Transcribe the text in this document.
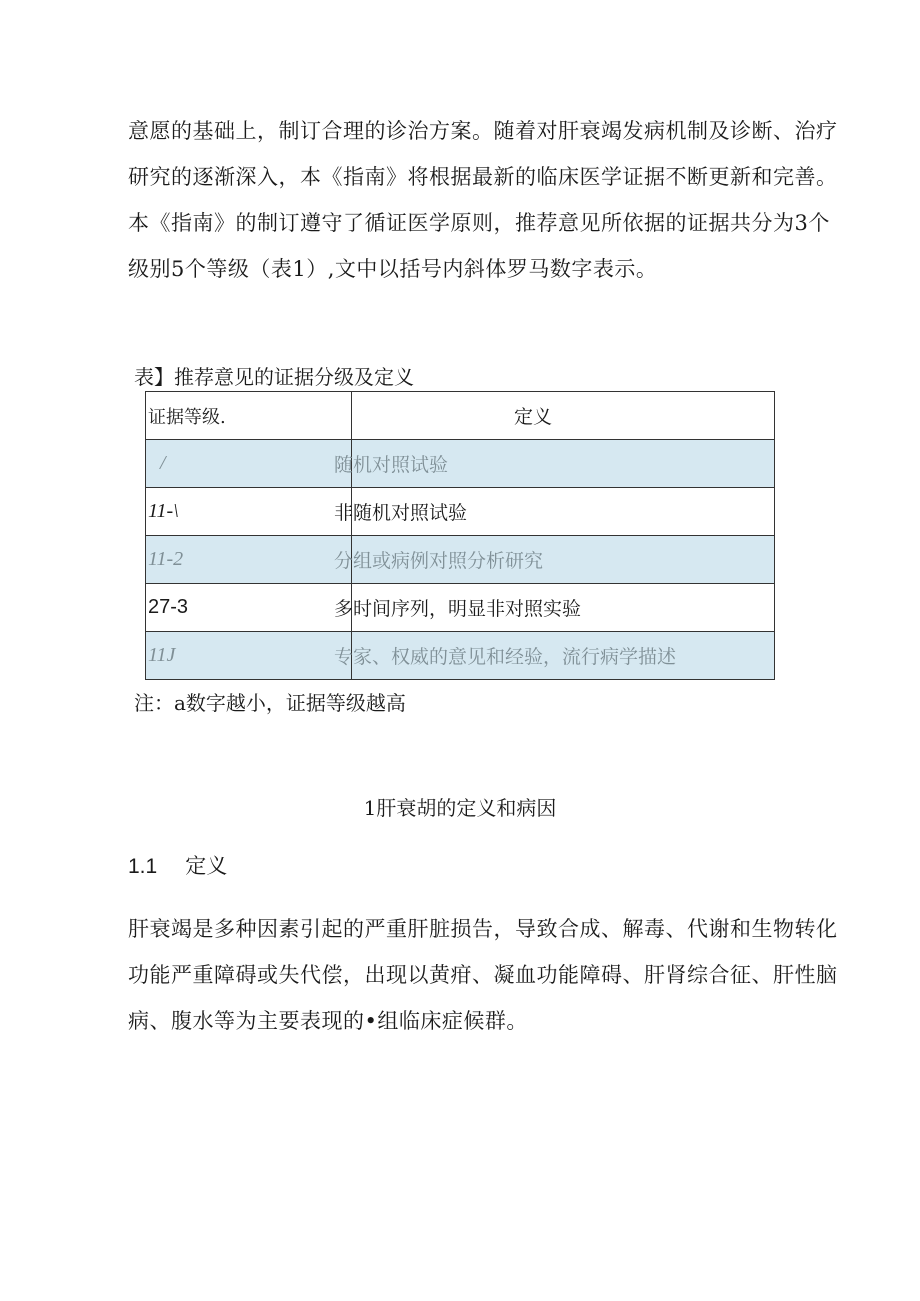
意愿的基础上，制订合理的诊治方案。随着对肝衰竭发病机制及诊断、治疗
研究的逐渐深入，本《指南》将根据最新的临床医学证据不断更新和完善。
本《指南》的制订遵守了循证医学原则，推荐意见所依据的证据共分为3个
级别5个等级（表1）,文中以括号内斜体罗马数字表示。

表】推荐意见的证据分级及定义
证据等级.	定义
/	随机对照试验
11-\	非随机对照试验
11-2	分组或病例对照分析研究
27-3	多时间序列，明显非对照实验
11J	专家、权威的意见和经验，流行病学描述
注：a数字越小，证据等级越高
1肝衰胡的定义和病因
1.1 定义

肝衰竭是多种因素引起的严重肝脏损告，导致合成、解毒、代谢和生物转化
功能严重障碍或失代偿，出现以黄疳、凝血功能障碍、肝肾综合征、肝性脑
病、腹水等为主要表现的•组临床症候群。
